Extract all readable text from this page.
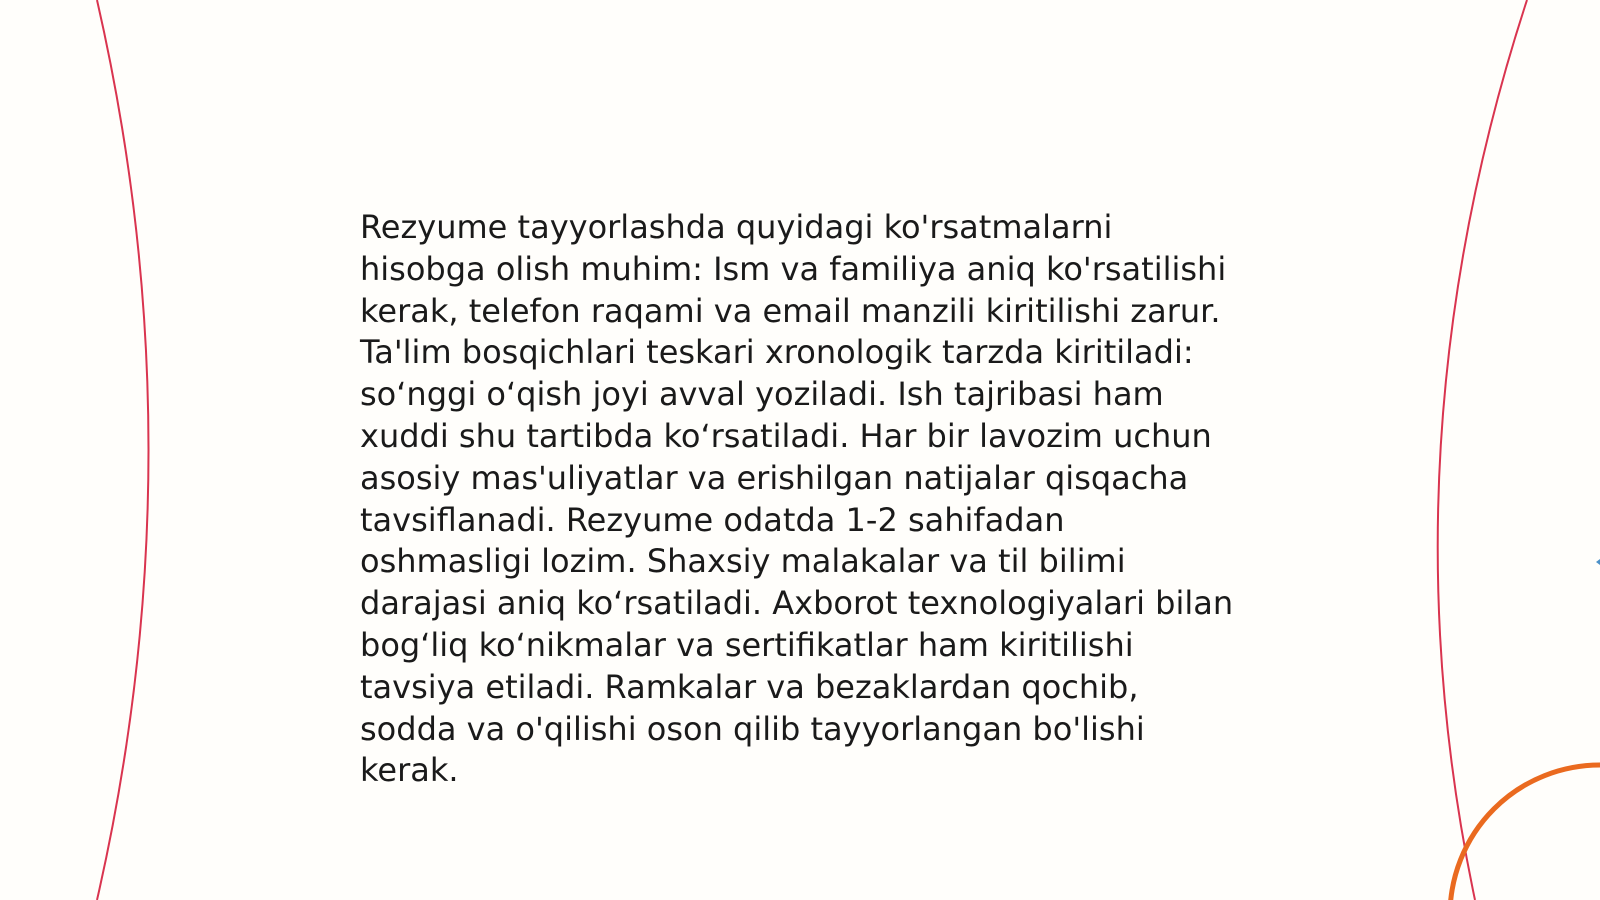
Rezyume tayyorlashda quyidagi ko'rsatmalarni
hisobga olish muhim: Ism va familiya aniq ko'rsatilishi
kerak, telefon raqami va email manzili kiritilishi zarur.
Ta'lim bosqichlari teskari xronologik tarzda kiritiladi:
so‘nggi o‘qish joyi avval yoziladi. Ish tajribasi ham
xuddi shu tartibda ko‘rsatiladi. Har bir lavozim uchun
asosiy mas'uliyatlar va erishilgan natijalar qisqacha
tavsiflanadi. Rezyume odatda 1-2 sahifadan
oshmasligi lozim. Shaxsiy malakalar va til bilimi
darajasi aniq ko‘rsatiladi. Axborot texnologiyalari bilan
bog‘liq ko‘nikmalar va sertifikatlar ham kiritilishi
tavsiya etiladi. Ramkalar va bezaklardan qochib,
sodda va o'qilishi oson qilib tayyorlangan bo'lishi
kerak.
